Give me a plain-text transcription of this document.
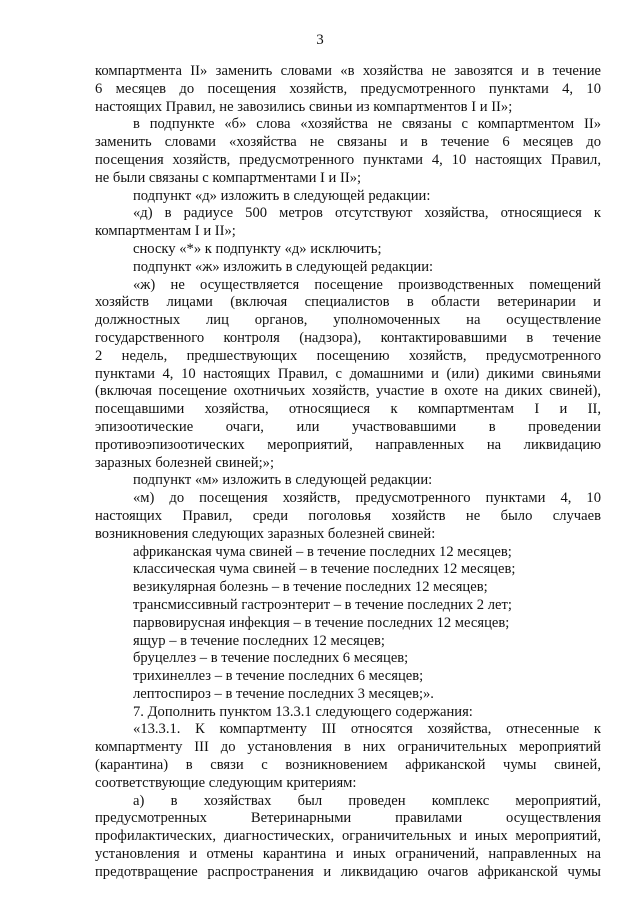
3
компартмента II» заменить словами «в хозяйства не завозятся и в течение
6 месяцев до посещения хозяйств, предусмотренного пунктами 4, 10
настоящих Правил, не завозились свиньи из компартментов I и II»;
в подпункте «б» слова «хозяйства не связаны с компартментом II»
заменить словами «хозяйства не связаны и в течение 6 месяцев до
посещения хозяйств, предусмотренного пунктами 4, 10 настоящих Правил,
не были связаны с компартментами I и II»;
подпункт «д» изложить в следующей редакции:
«д) в радиусе 500 метров отсутствуют хозяйства, относящиеся к
компартментам I и II»;
сноску «*» к подпункту «д» исключить;
подпункт «ж» изложить в следующей редакции:
«ж) не осуществляется посещение производственных помещений
хозяйств лицами (включая специалистов в области ветеринарии и
должностных лиц органов, уполномоченных на осуществление
государственного контроля (надзора), контактировавшими в течение
2 недель, предшествующих посещению хозяйств, предусмотренного
пунктами 4, 10 настоящих Правил, с домашними и (или) дикими свиньями
(включая посещение охотничьих хозяйств, участие в охоте на диких свиней),
посещавшими хозяйства, относящиеся к компартментам I и II,
эпизоотические очаги, или участвовавшими в проведении
противоэпизоотических мероприятий, направленных на ликвидацию
заразных болезней свиней;»;
подпункт «м» изложить в следующей редакции:
«м) до посещения хозяйств, предусмотренного пунктами 4, 10
настоящих Правил, среди поголовья хозяйств не было случаев
возникновения следующих заразных болезней свиней:
африканская чума свиней – в течение последних 12 месяцев;
классическая чума свиней – в течение последних 12 месяцев;
везикулярная болезнь – в течение последних 12 месяцев;
трансмиссивный гастроэнтерит – в течение последних 2 лет;
парвовирусная инфекция – в течение последних 12 месяцев;
ящур – в течение последних 12 месяцев;
бруцеллез – в течение последних 6 месяцев;
трихинеллез – в течение последних 6 месяцев;
лептоспироз – в течение последних 3 месяцев;».
7. Дополнить пунктом 13.3.1 следующего содержания:
«13.3.1. К компартменту III относятся хозяйства, отнесенные к
компартменту III до установления в них ограничительных мероприятий
(карантина) в связи с возникновением африканской чумы свиней,
соответствующие следующим критериям:
а) в хозяйствах был проведен комплекс мероприятий,
предусмотренных Ветеринарными правилами осуществления
профилактических, диагностических, ограничительных и иных мероприятий,
установления и отмены карантина и иных ограничений, направленных на
предотвращение распространения и ликвидацию очагов африканской чумы
